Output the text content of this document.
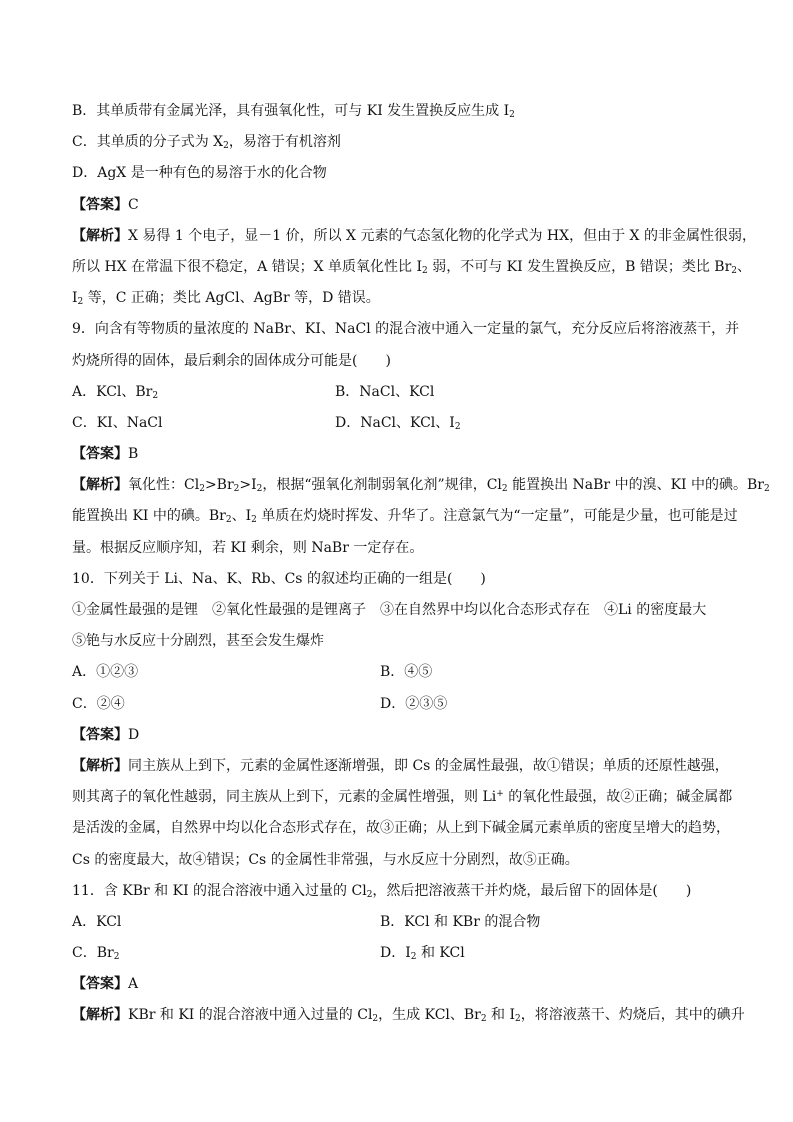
B．其单质带有金属光泽，具有强氧化性，可与 KI 发生置换反应生成 $I_2$
C．其单质的分子式为 $X_2$，易溶于有机溶剂
D．AgX 是一种有色的易溶于水的化合物
【答案】C
【解析】X 易得 1 个电子，显－1 价，所以 X 元素的气态氢化物的化学式为 HX，但由于 X 的非金属性很弱，
所以 HX 在常温下很不稳定，A 错误；X 单质氧化性比 $I_2$ 弱，不可与 KI 发生置换反应，B 错误；类比 $Br_2$、
$I_2$ 等，C 正确；类比 AgCl、AgBr 等，D 错误。
9．向含有等物质的量浓度的 NaBr、KI、NaCl 的混合液中通入一定量的氯气，充分反应后将溶液蒸干，并
灼烧所得的固体，最后剩余的固体成分可能是(　　)
A．KCl、$Br_2$	B．NaCl、KCl
C．KI、NaCl	D．NaCl、KCl、$I_2$
【答案】B
【解析】氧化性：$Cl_2>Br_2>I_2$，根据“强氧化剂制弱氧化剂”规律，$Cl_2$ 能置换出 NaBr 中的溴、KI 中的碘。$Br_2$
能置换出 KI 中的碘。$Br_2$、$I_2$ 单质在灼烧时挥发、升华了。注意氯气为“一定量”，可能是少量，也可能是过
量。根据反应顺序知，若 KI 剩余，则 NaBr 一定存在。
10．下列关于 Li、Na、K、Rb、Cs 的叙述均正确的一组是(　　)
①金属性最强的是锂　②氧化性最强的是锂离子　③在自然界中均以化合态形式存在　④Li 的密度最大
⑤铯与水反应十分剧烈，甚至会发生爆炸
A．①②③	B．④⑤
C．②④	D．②③⑤
【答案】D
【解析】同主族从上到下，元素的金属性逐渐增强，即 Cs 的金属性最强，故①错误；单质的还原性越强，
则其离子的氧化性越弱，同主族从上到下，元素的金属性增强，则 Li+ 的氧化性最强，故②正确；碱金属都
是活泼的金属，自然界中均以化合态形式存在，故③正确；从上到下碱金属元素单质的密度呈增大的趋势，
Cs 的密度最大，故④错误；Cs 的金属性非常强，与水反应十分剧烈，故⑤正确。
11．含 KBr 和 KI 的混合溶液中通入过量的 $Cl_2$，然后把溶液蒸干并灼烧，最后留下的固体是(　　)
A．KCl	B．KCl 和 KBr 的混合物
C．$Br_2$	D．$I_2$ 和 KCl
【答案】A
【解析】KBr 和 KI 的混合溶液中通入过量的 $Cl_2$，生成 KCl、$Br_2$ 和 $I_2$，将溶液蒸干、灼烧后，其中的碘升
